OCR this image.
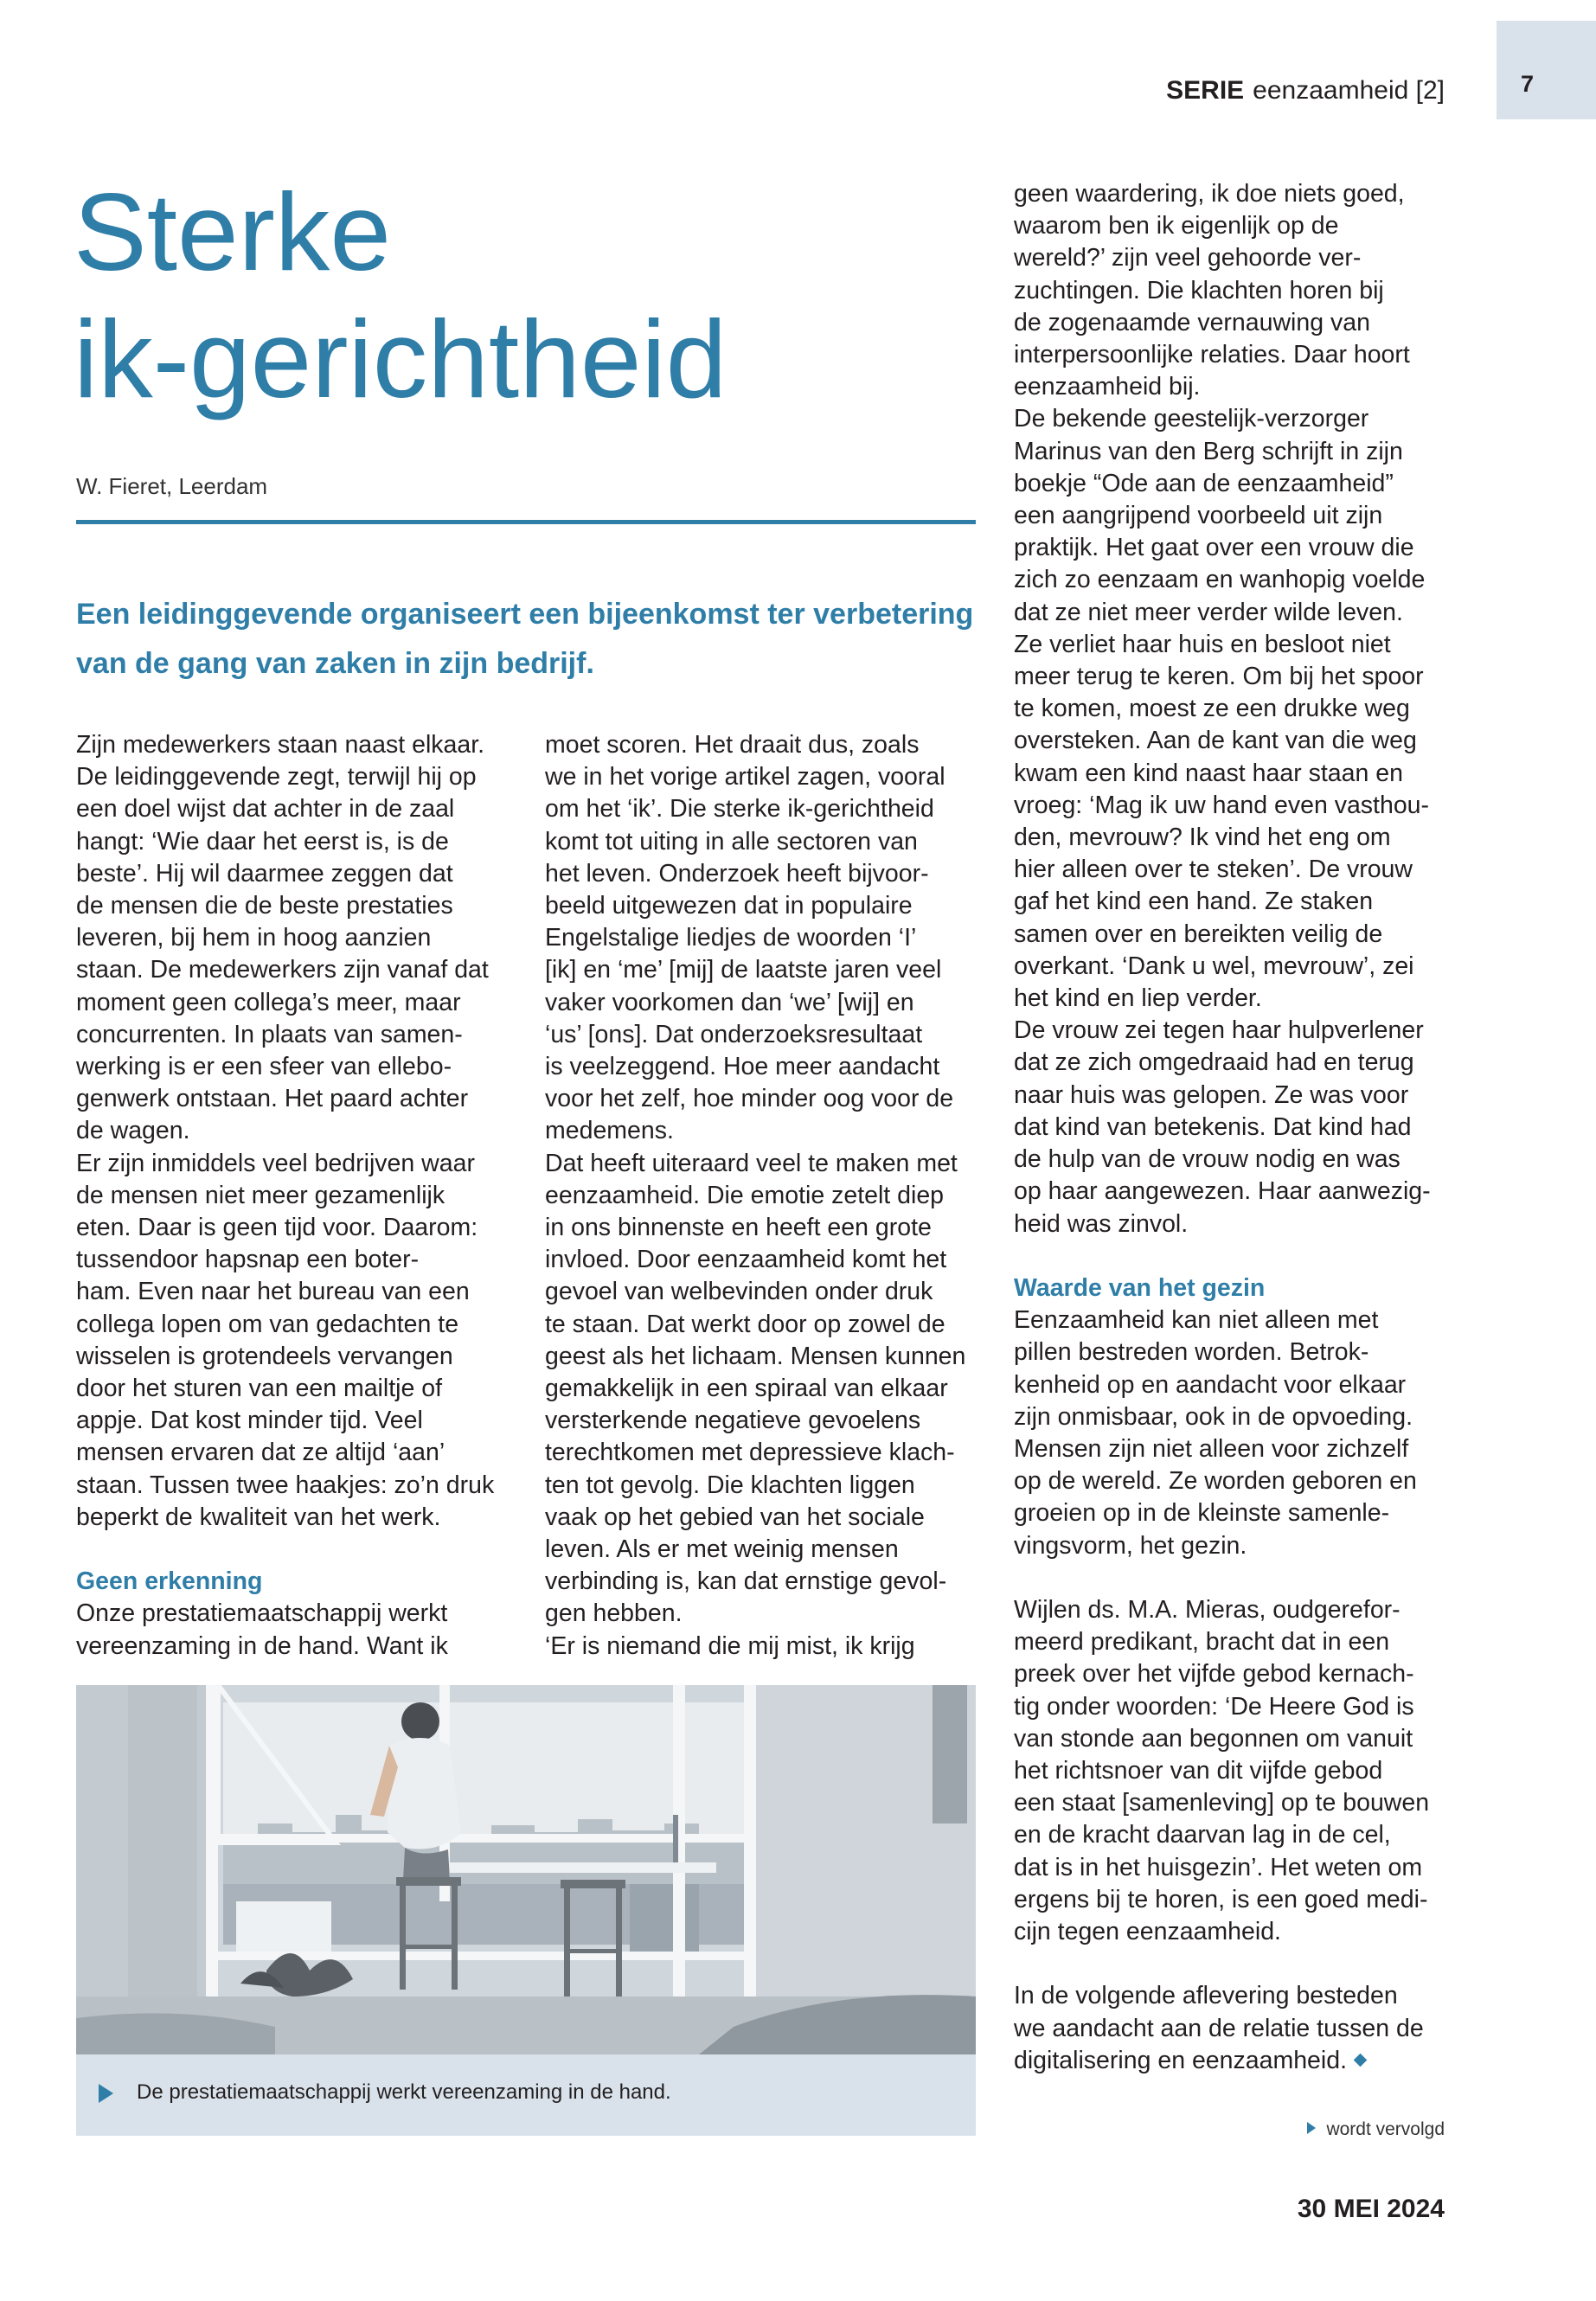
7
SERIE eenzaamheid [2]
Sterke
ik-gerichtheid
W. Fieret, Leerdam

Een leidinggevende organiseert een bijeenkomst ter verbetering van de gang van zaken in zijn bedrijf.

Zijn medewerkers staan naast elkaar.
De leidinggevende zegt, terwijl hij op
een doel wijst dat achter in de zaal
hangt: ‘Wie daar het eerst is, is de
beste’. Hij wil daarmee zeggen dat
de mensen die de beste prestaties
leveren, bij hem in hoog aanzien
staan. De medewerkers zijn vanaf dat
moment geen collega’s meer, maar
concurrenten. In plaats van samen-
werking is er een sfeer van ellebo-
genwerk ontstaan. Het paard achter
de wagen.
Er zijn inmiddels veel bedrijven waar
de mensen niet meer gezamenlijk
eten. Daar is geen tijd voor. Daarom:
tussendoor hapsnap een boter-
ham. Even naar het bureau van een
collega lopen om van gedachten te
wisselen is grotendeels vervangen
door het sturen van een mailtje of
appje. Dat kost minder tijd. Veel
mensen ervaren dat ze altijd ‘aan’
staan. Tussen twee haakjes: zo’n druk
beperkt de kwaliteit van het werk.
Geen erkenning
Onze prestatiemaatschappij werkt
vereenzaming in de hand. Want ik
moet scoren. Het draait dus, zoals
we in het vorige artikel zagen, vooral
om het ‘ik’. Die sterke ik-gerichtheid
komt tot uiting in alle sectoren van
het leven. Onderzoek heeft bijvoor-
beeld uitgewezen dat in populaire
Engelstalige liedjes de woorden ‘I’
[ik] en ‘me’ [mij] de laatste jaren veel
vaker voorkomen dan ‘we’ [wij] en
‘us’ [ons]. Dat onderzoeksresultaat
is veelzeggend. Hoe meer aandacht
voor het zelf, hoe minder oog voor de
medemens.
Dat heeft uiteraard veel te maken met
eenzaamheid. Die emotie zetelt diep
in ons binnenste en heeft een grote
invloed. Door eenzaamheid komt het
gevoel van welbevinden onder druk
te staan. Dat werkt door op zowel de
geest als het lichaam. Mensen kunnen
gemakkelijk in een spiraal van elkaar
versterkende negatieve gevoelens
terechtkomen met depressieve klach-
ten tot gevolg. Die klachten liggen
vaak op het gebied van het sociale
leven. Als er met weinig mensen
verbinding is, kan dat ernstige gevol-
gen hebben.
‘Er is niemand die mij mist, ik krijg
geen waardering, ik doe niets goed,
waarom ben ik eigenlijk op de
wereld?’ zijn veel gehoorde ver-
zuchtingen. Die klachten horen bij
de zogenaamde vernauwing van
interpersoonlijke relaties. Daar hoort
eenzaamheid bij.
De bekende geestelijk-verzorger
Marinus van den Berg schrijft in zijn
boekje “Ode aan de eenzaamheid”
een aangrijpend voorbeeld uit zijn
praktijk. Het gaat over een vrouw die
zich zo eenzaam en wanhopig voelde
dat ze niet meer verder wilde leven.
Ze verliet haar huis en besloot niet
meer terug te keren. Om bij het spoor
te komen, moest ze een drukke weg
oversteken. Aan de kant van die weg
kwam een kind naast haar staan en
vroeg: ‘Mag ik uw hand even vasthou-
den, mevrouw? Ik vind het eng om
hier alleen over te steken’. De vrouw
gaf het kind een hand. Ze staken
samen over en bereikten veilig de
overkant. ‘Dank u wel, mevrouw’, zei
het kind en liep verder.
De vrouw zei tegen haar hulpverlener
dat ze zich omgedraaid had en terug
naar huis was gelopen. Ze was voor
dat kind van betekenis. Dat kind had
de hulp van de vrouw nodig en was
op haar aangewezen. Haar aanwezig-
heid was zinvol.
Waarde van het gezin
Eenzaamheid kan niet alleen met
pillen bestreden worden. Betrok-
kenheid op en aandacht voor elkaar
zijn onmisbaar, ook in de opvoeding.
Mensen zijn niet alleen voor zichzelf
op de wereld. Ze worden geboren en
groeien op in de kleinste samenle-
vingsvorm, het gezin.
Wijlen ds. M.A. Mieras, oudgerefor-
meerd predikant, bracht dat in een
preek over het vijfde gebod kernach-
tig onder woorden: ‘De Heere God is
van stonde aan begonnen om vanuit
het richtsnoer van dit vijfde gebod
een staat [samenleving] op te bouwen
en de kracht daarvan lag in de cel,
dat is in het huisgezin’. Het weten om
ergens bij te horen, is een goed medi-
cijn tegen eenzaamheid.
In de volgende aflevering besteden
we aandacht aan de relatie tussen de
digitalisering en eenzaamheid.
De prestatiemaatschappij werkt vereenzaming in de hand.
wordt vervolgd
30 MEI 2024
